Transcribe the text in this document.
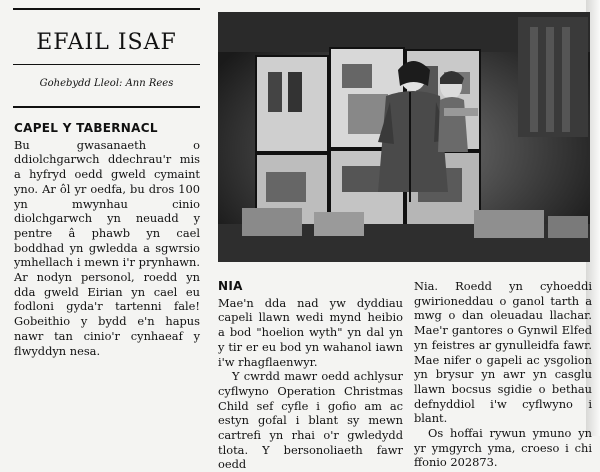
EFAIL ISAF
Gohebydd Lleol: Ann Rees
CAPEL Y TABERNACL

Bu gwasanaeth o ddiolchgarwch ddechrau'r mis a hyfryd oedd gweld cymaint yno. Ar ôl yr oedfa, bu dros 100 yn mwynhau cinio diolchgarwch yn neuadd y pentre â phawb yn cael boddhad yn gwledda a sgwrsio ymhellach i mewn i'r prynhawn. Ar nodyn personol, roedd yn dda gweld Eirian yn cael eu fodloni gyda'r tartenni fale! Gobeithio y bydd e'n hapus nawr tan cinio'r cynhaeaf y flwyddyn nesa.

NIA

Mae'n dda nad yw dyddiau capeli llawn wedi mynd heibio a bod "hoelion wyth" yn dal yn y tir er eu bod yn wahanol iawn i'w rhagflaenwyr.

Y cwrdd mawr oedd achlysur cyflwyno Operation Christmas Child sef cyfle i gofio am ac estyn gofal i blant sy mewn cartrefi yn rhai o'r gwledydd tlota. Y bersonoliaeth fawr oedd

Nia. Roedd yn cyhoeddi gwirioneddau o ganol tarth a mwg o dan oleuadau llachar. Mae'r gantores o Gynwil Elfed yn feistres ar gynulleidfa fawr. Mae nifer o gapeli ac ysgolion yn brysur yn awr yn casglu llawn bocsus sgidie o bethau defnyddiol i'w cyflwyno i blant.

Os hoffai rywun ymuno yn yr ymgyrch yma, croeso i chi ffonio 202873.
